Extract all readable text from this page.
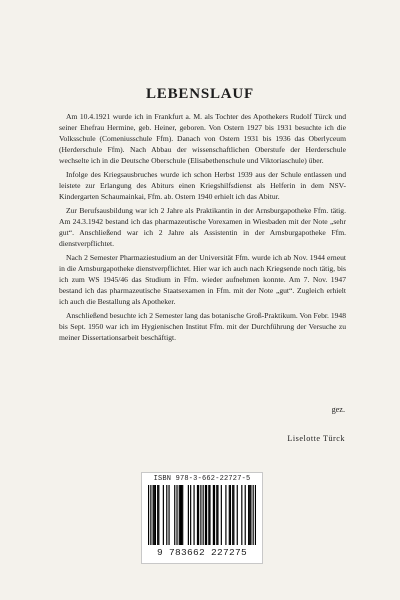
LEBENSLAUF

Am 10.4.1921 wurde ich in Frankfurt a. M. als Tochter des Apothekers Rudolf Türck und seiner Ehefrau Hermine, geb. Heiner, geboren. Von Ostern 1927 bis 1931 besuchte ich die Volksschule (Comeniusschule Ffm). Danach von Ostern 1931 bis 1936 das Oberlyceum (Herderschule Ffm). Nach Abbau der wissenschaftlichen Oberstufe der Herderschule wechselte ich in die Deutsche Oberschule (Elisabethenschule und Viktoriaschule) über.

Infolge des Kriegsausbruches wurde ich schon Herbst 1939 aus der Schule entlassen und leistete zur Erlangung des Abiturs einen Kriegshilfsdienst als Helferin in dem NSV-Kindergarten Schaumainkai, Ffm. ab. Ostern 1940 erhielt ich das Abitur.

Zur Berufsausbildung war ich 2 Jahre als Praktikantin in der Arnsburgapotheke Ffm. tätig. Am 24.3.1942 bestand ich das pharmazeutische Vorexamen in Wiesbaden mit der Note „sehr gut“. Anschließend war ich 2 Jahre als Assistentin in der Arnsburgapotheke Ffm. dienstverpflichtet.

Nach 2 Semester Pharmaziestudium an der Universität Ffm. wurde ich ab Nov. 1944 erneut in die Arnsburgapotheke dienstverpflichtet. Hier war ich auch nach Kriegsende noch tätig, bis ich zum WS 1945/46 das Studium in Ffm. wieder aufnehmen konnte. Am 7. Nov. 1947 bestand ich das pharmazeutische Staatsexamen in Ffm. mit der Note „gut“. Zugleich erhielt ich auch die Bestallung als Apotheker.

Anschließend besuchte ich 2 Semester lang das botanische Groß-Praktikum. Von Febr. 1948 bis Sept. 1950 war ich im Hygienischen Institut Ffm. mit der Durchführung der Versuche zu meiner Dissertationsarbeit beschäftigt.

gez.
Liselotte Türck
ISBN 978-3-662-22727-5
9 783662 227275
